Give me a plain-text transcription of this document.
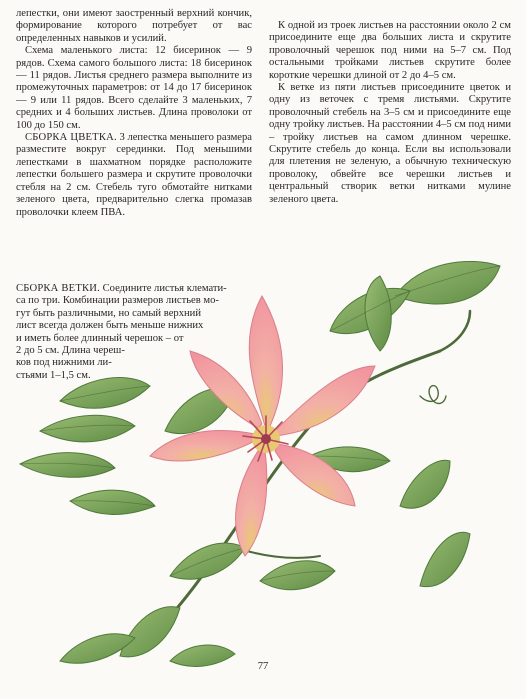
лепестки, они имеют заостренный верхний кончик, формирование которого потребует от вас определенных навыков и усилий.

Схема маленького листа: 12 бисеринок — 9 рядов. Схема самого большого листа: 18 бисеринок — 11 рядов. Листья среднего размера выполните из промежуточных параметров: от 14 до 17 бисеринок — 9 или 11 рядов. Всего сделайте 3 маленьких, 7 средних и 4 больших листьев. Длина проволоки от 100 до 150 см.

СБОРКА ЦВЕТКА. 3 лепестка меньшего размера разместите вокруг серединки. Под меньшими лепестками в шахматном порядке расположите лепестки большего размера и скрутите проволочки стебля на 2 см. Стебель туго обмотайте нитками зеленого цвета, предварительно слегка промазав проволочки клеем ПВА.

СБОРКА ВЕТКИ. Соедините листья клемати-
са по три. Комбинации размеров листьев мо-
гут быть различными, но самый верхний
лист всегда должен быть меньше нижних
и иметь более длинный черешок – от
2 до 5 см. Длина череш-
ков под нижними ли-
стьями 1–1,5 см.

К одной из троек листьев на расстоянии около 2 см присоедините еще два больших листа и скрутите проволочный черешок под ними на 5–7 см. Под остальными тройками листьев скрутите более короткие черешки длиной от 2 до 4–5 см.

К ветке из пяти листьев присоедините цветок и одну из веточек с тремя листьями. Скрутите проволочный стебель на 3–5 см и присоедините еще одну тройку листьев. На расстоянии 4–5 см под ними – тройку листьев на самом длинном черешке. Скрутите стебель до конца. Если вы использовали для плетения не зеленую, а обычную техническую проволоку, обвейте все черешки листьев и центральный створик ветки нитками мулине зеленого цвета.

77
